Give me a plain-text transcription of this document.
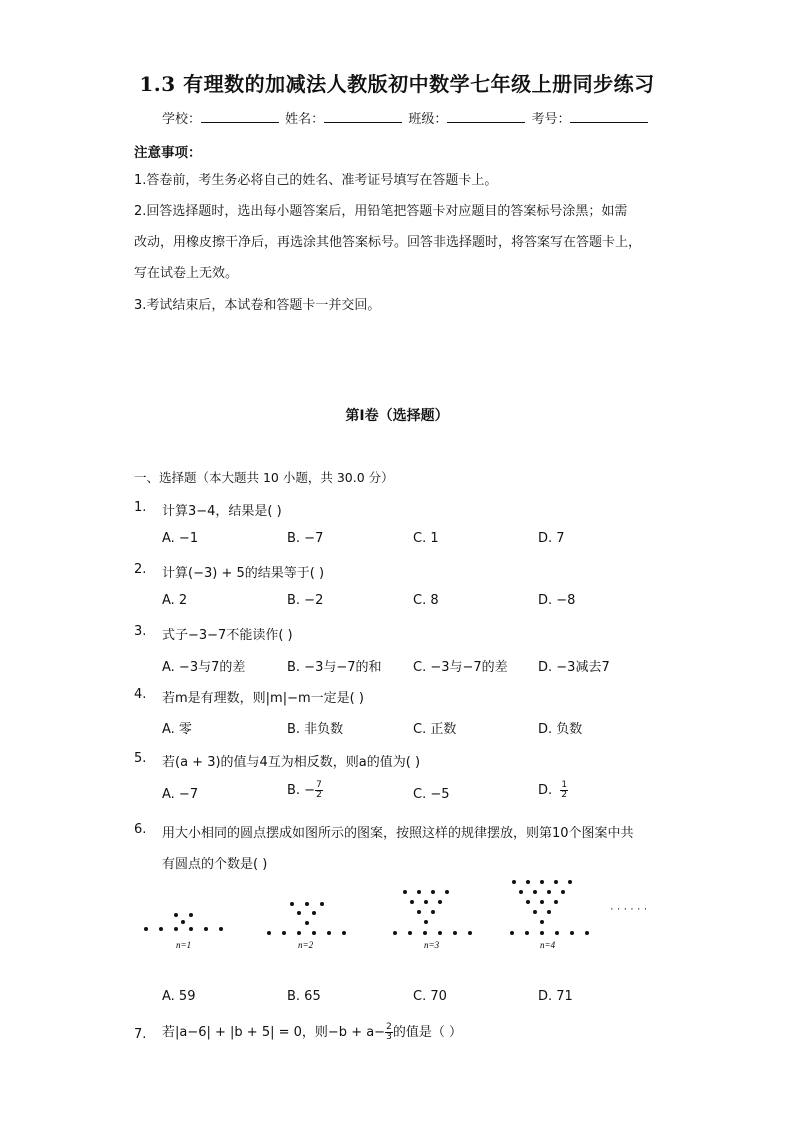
1.3 有理数的加减法人教版初中数学七年级上册同步练习
学校：	姓名：	班级：	考号：
注意事项：
1.答卷前，考生务必将自己的姓名、准考证号填写在答题卡上。
2.回答选择题时，选出每小题答案后，用铅笔把答题卡对应题目的答案标号涂黑；如需
改动，用橡皮擦干净后，再选涂其他答案标号。回答非选择题时，将答案写在答题卡上，
写在试卷上无效。
3.考试结束后，本试卷和答题卡一并交回。
第Ⅰ卷（选择题）
一、选择题（本大题共 10 小题，共 30.0 分）
1. 计算3−4，结果是( )
A. −1	B. −7	C. 1	D. 7
2. 计算(−3) + 5的结果等于( )
A. 2	B. −2	C. 8	D. −8
3. 式子−3−7不能读作( )
A. −3与7的差	B. −3与−7的和 C. −3与−7的差 D. −3减去7
4. 若m是有理数，则|m|−m一定是( )
A. 零	B. 非负数	C. 正数	D. 负数
5. 若(a + 3)的值与4互为相反数，则a的值为( )
A. −7	B. − $\frac{7}{2}$	C. −5	D. $\frac{1}{2}$
6. 用大小相同的圆点摆成如图所示的图案，按照这样的规律摆放，则第10个图案中共
有圆点的个数是( )
n=1	n=2	n=3	n=4
· · · · · ·
A. 59	B. 65	C. 70	D. 71
7. 若|a−6| + |b + 5| = 0，则$-b + a- \frac{2}{3}$ 的值是（ ）
